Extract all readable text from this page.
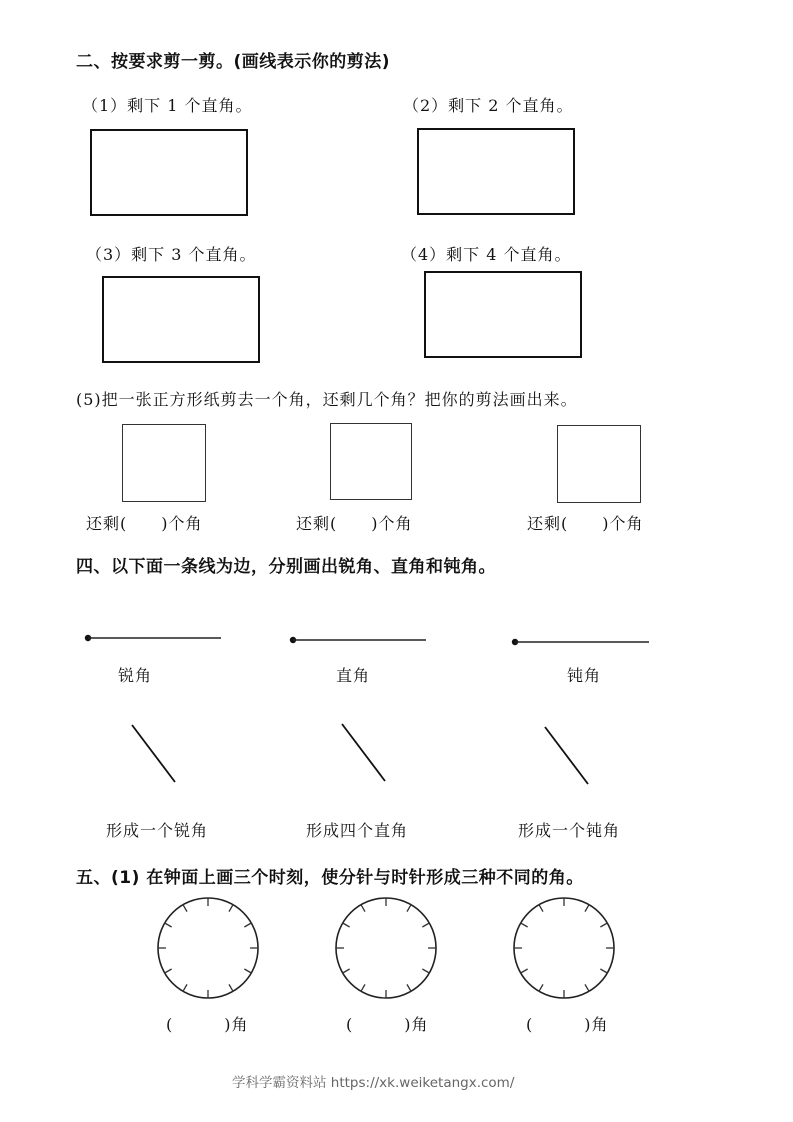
二、按要求剪一剪。(画线表示你的剪法)
（1）剩下 1 个直角。	（2）剩下 2 个直角。
（3）剩下 3 个直角。	（4）剩下 4 个直角。
(5)把一张正方形纸剪去一个角，还剩几个角？把你的剪法画出来。
还剩(　　)个角	还剩(　　)个角	还剩(　　)个角
四、以下面一条线为边，分别画出锐角、直角和钝角。
锐角	直角	钝角
形成一个锐角	形成四个直角	形成一个钝角
五、(1) 在钟面上画三个时刻，使分针与时针形成三种不同的角。
(　　　)角	(　　　)角	(　　　)角
学科学霸资料站 https://xk.weiketangx.com/
